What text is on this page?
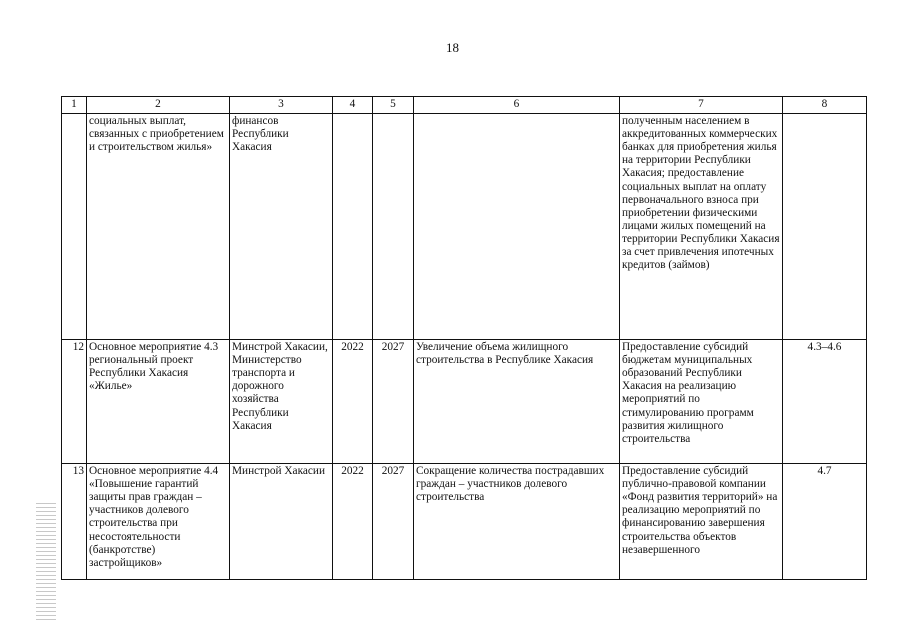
18
1	2	3	4	5	6	7	8
	социальных выплат, связанных с приобретением и строительством жилья»	финансов Республики Хакасия				полученным населением в аккредитованных коммерческих банках для приобретения жилья на территории Республики Хакасия; предоставление социальных выплат на оплату первоначального взноса при приобретении физическими лицами жилых помещений на территории Республики Хакасия за счет привлечения ипотечных кредитов (займов)	
12	Основное мероприятие 4.3 региональный проект Республики Хакасия «Жилье»	Минстрой Хакасии, Министерство транспорта и дорожного хозяйства Республики Хакасия	2022	2027	Увеличение объема жилищного строительства в Республике Хакасия	Предоставление субсидий бюджетам муниципальных образований Республики Хакасия на реализацию мероприятий по стимулированию программ развития жилищного строительства	4.3–4.6
13	Основное мероприятие 4.4 «Повышение гарантий защиты прав граждан – участников долевого строительства при несостоятельности (банкротстве) застройщиков»	Минстрой Хакасии	2022	2027	Сокращение количества пострадавших граждан – участников долевого строительства	Предоставление субсидий публично-правовой компании «Фонд развития территорий» на реализацию мероприятий по финансированию завершения строительства объектов незавершенного	4.7
